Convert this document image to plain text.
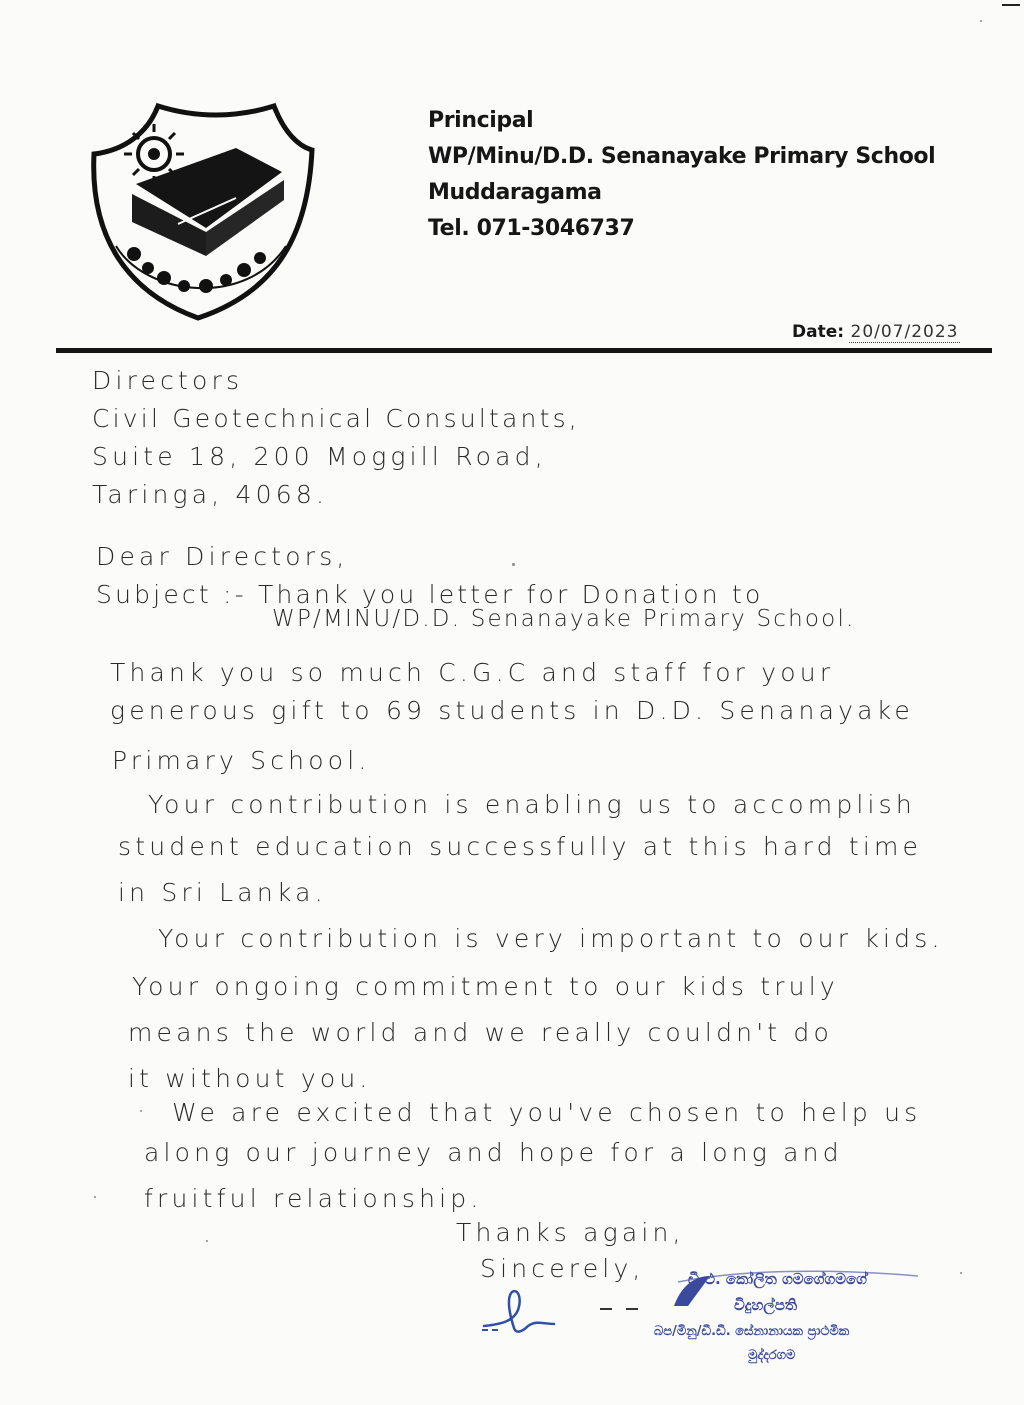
Principal
WP/Minu/D.D. Senanayake Primary School
Muddaragama
Tel. 071-3046737
Date: 20/07/2023
Directors
Civil Geotechnical Consultants,
Suite 18, 200 Moggill Road,
Taringa, 4068.
Dear Directors,
Subject :- Thank you letter for Donation to
WP/MINU/D.D. Senanayake Primary School.
Thank you so much C.G.C and staff for your
generous gift to 69 students in D.D. Senanayake
Primary School.
Your contribution is enabling us to accomplish
student education successfully at this hard time
in Sri Lanka.
Your contribution is very important to our kids.
Your ongoing commitment to our kids truly
means the world and we really couldn't do
it without you.
We are excited that you've chosen to help us
along our journey and hope for a long and
fruitful relationship.
Thanks again,
Sincerely,	ඩී.එ. කෝලිත ගමගේගමගේ
විදුහල්පති
බප/මිනු/ඩී.ඩී. සේනානායක ප්‍රාථමික
මුද්දරගම
